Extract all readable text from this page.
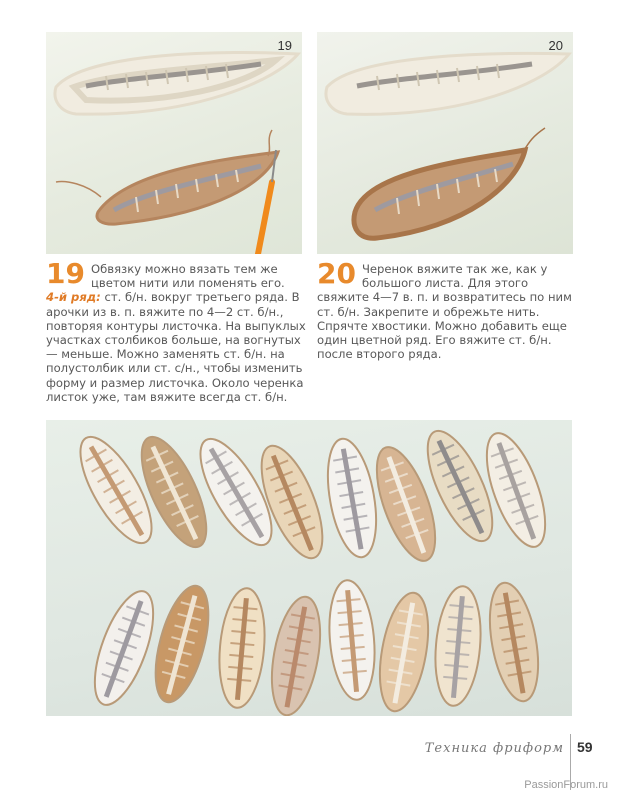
19	20
19 Обвязку можно вязать тем же цветом нити или поменять его.
4-й ряд: ст. б/н. вокруг третьего ряда. В арочки из в. п. вяжите по 4—2 ст. б/н., повторяя контуры листочка. На выпуклых участках столбиков больше, на вогнутых — меньше. Можно заменять ст. б/н. на полустолбик или ст. с/н., чтобы изменить форму и размер листочка. Около черенка листок уже, там вяжите всегда ст. б/н.
20 Черенок вяжите так же, как у большого листа. Для этого свяжите 4—7 в. п. и возвратитесь по ним ст. б/н. Закрепите и обрежьте нить. Спрячте хвостики. Можно добавить еще один цветной ряд. Его вяжите ст. б/н. после второго ряда.
Техника фриформ 59
PassionForum.ru
